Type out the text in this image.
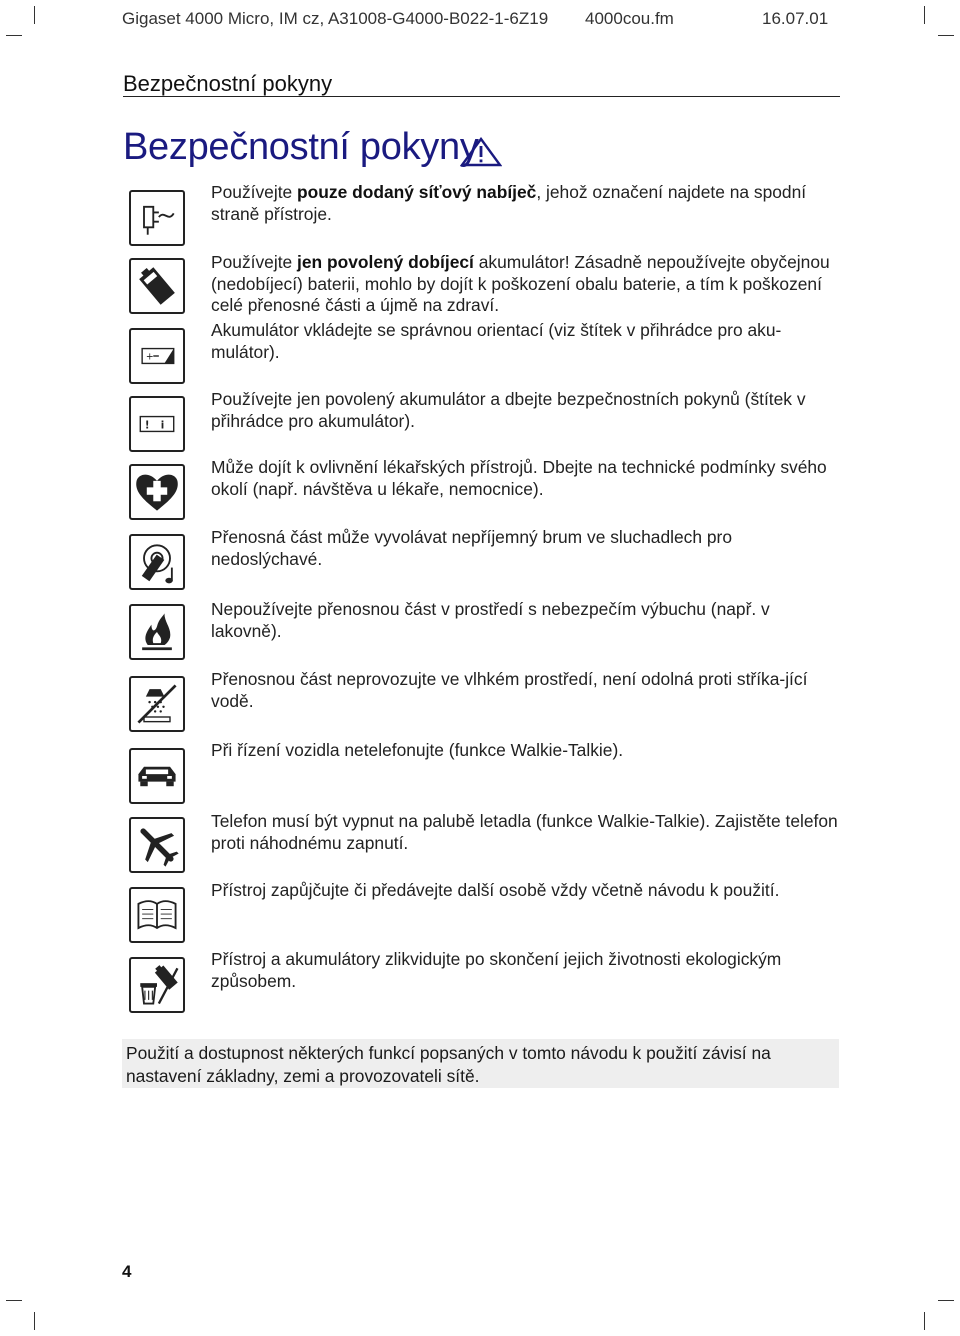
Gigaset 4000 Micro, IM cz, A31008-G4000-B022-1-6Z19 4000cou.fm	16.07.01
Bezpečnostní pokyny
Bezpečnostní pokyny
+
! i
Používejte pouze dodaný síťový nabíječ, jehož označení najdete na spodní straně přístroje.
Používejte jen povolený dobíjecí akumulátor! Zásadně nepoužívejte obyčejnou (nedobíjecí) baterii, mohlo by dojít k poškození obalu baterie, a tím k poškození celé přenosné části a újmě na zdraví.
Akumulátor vkládejte se správnou orientací (viz štítek v přihrádce pro aku-mulátor).
Používejte jen povolený akumulátor a dbejte bezpečnostních pokynů (štítek v přihrádce pro akumulátor).
Může dojít k ovlivnění lékařských přístrojů. Dbejte na technické podmínky svého okolí (např. návštěva u lékaře, nemocnice).
Přenosná část může vyvolávat nepříjemný brum ve sluchadlech pro nedoslýchavé.
Nepoužívejte přenosnou část v prostředí s nebezpečím výbuchu (např. v lakovně).
Přenosnou část neprovozujte ve vlhkém prostředí, není odolná proti stříka-jící vodě.
Při řízení vozidla netelefonujte (funkce Walkie-Talkie).
Telefon musí být vypnut na palubě letadla (funkce Walkie-Talkie). Zajistěte telefon proti náhodnému zapnutí.
Přístroj zapůjčujte či předávejte další osobě vždy včetně návodu k použití.
Přístroj a akumulátory zlikvidujte po skončení jejich životnosti ekologickým způsobem.
Použití a dostupnost některých funkcí popsaných v tomto návodu k použití závisí na nastavení základny, zemi a provozovateli sítě.
4
